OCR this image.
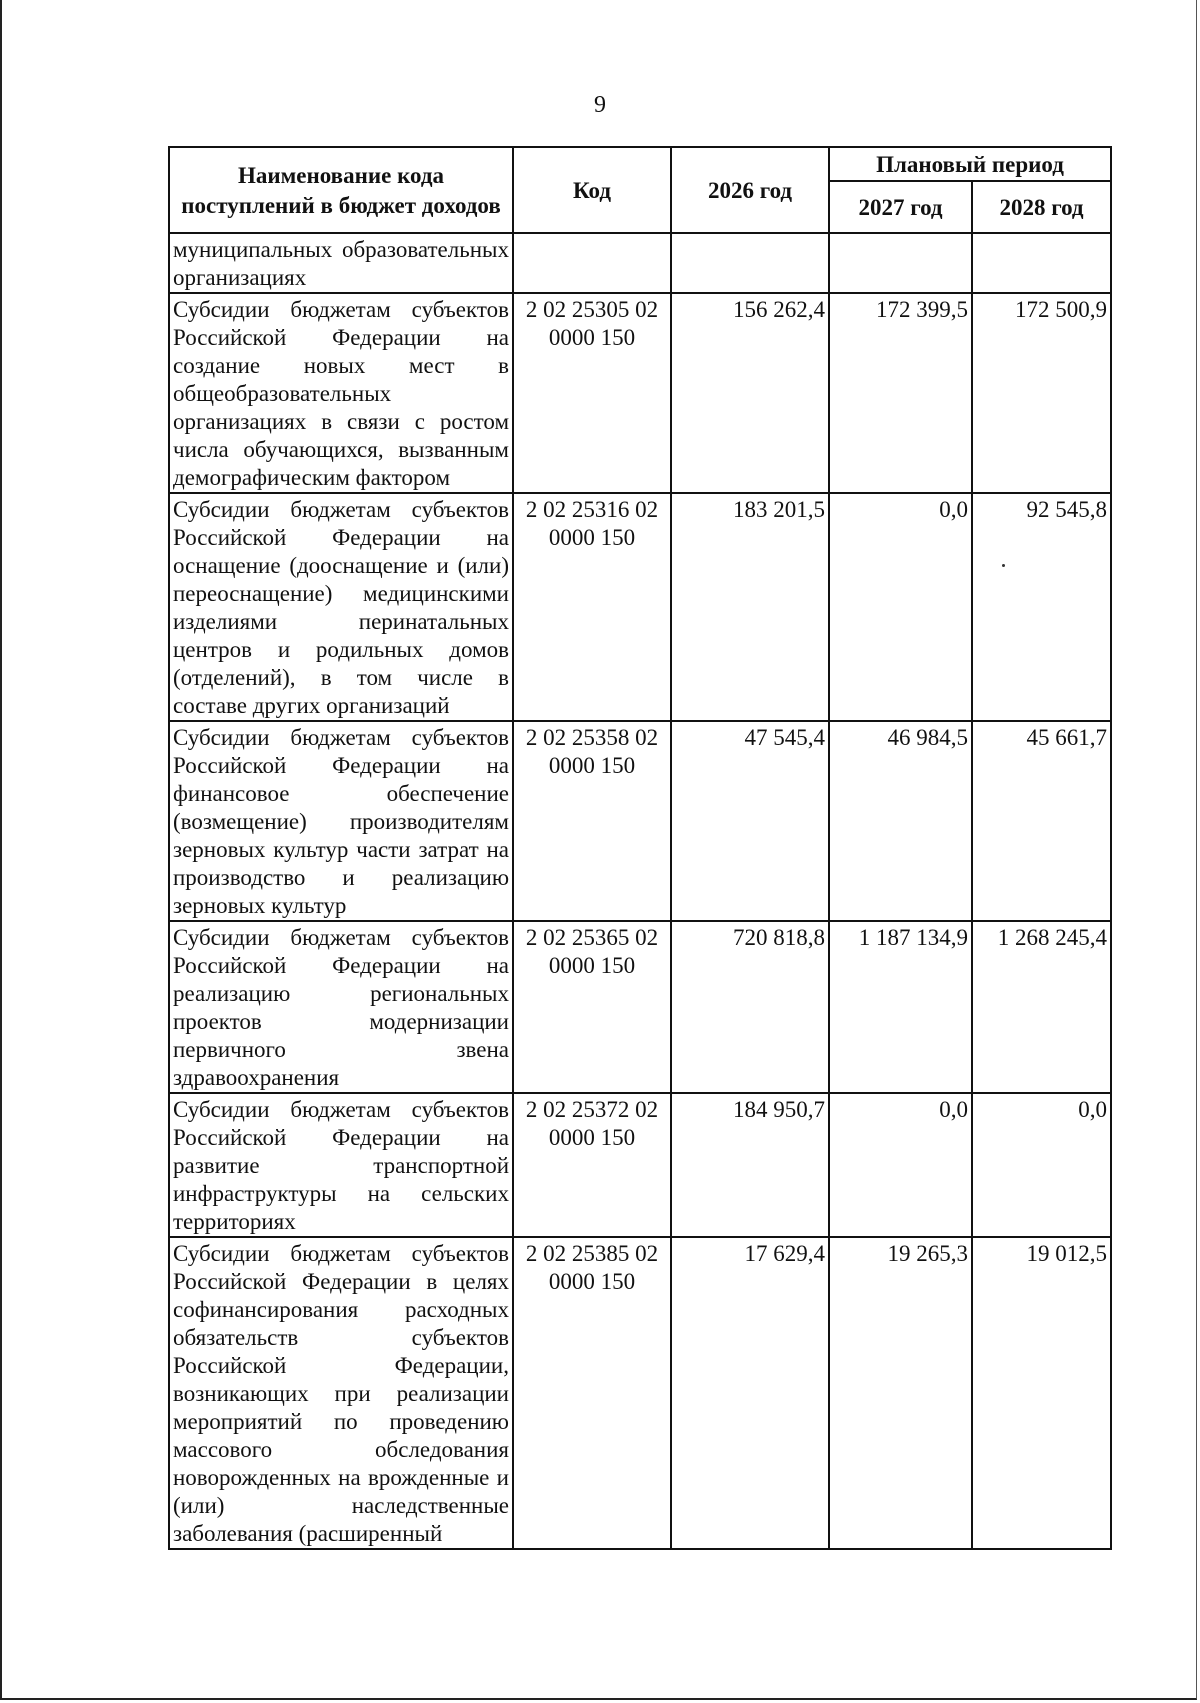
9
Наименование кода поступлений в бюджет доходов	Код	2026 год	Плановый период	
			2027 год	2028 год
муниципальных образовательных организациях				
Субсидии бюджетам субъектов Российской Федерации на создание новых мест в общеобразовательных организациях в связи с ростом числа обучающихся, вызванным демографическим фактором	2 02 25305 02 0000 150	156 262,4	172 399,5	172 500,9
Субсидии бюджетам субъектов Российской Федерации на оснащение (дооснащение и (или) переоснащение) медицинскими изделиями перинатальных центров и родильных домов (отделений), в том числе в составе других организаций	2 02 25316 02 0000 150	183 201,5	0,0	92 545,8
Субсидии бюджетам субъектов Российской Федерации на финансовое обеспечение (возмещение) производителям зерновых культур части затрат на производство и реализацию зерновых культур	2 02 25358 02 0000 150	47 545,4	46 984,5	45 661,7
Субсидии бюджетам субъектов Российской Федерации на реализацию региональных проектов модернизации первичного звена здравоохранения	2 02 25365 02 0000 150	720 818,8	1 187 134,9	1 268 245,4
Субсидии бюджетам субъектов Российской Федерации на развитие транспортной инфраструктуры на сельских территориях	2 02 25372 02 0000 150	184 950,7	0,0	0,0
Субсидии бюджетам субъектов Российской Федерации в целях софинансирования расходных обязательств субъектов Российской Федерации, возникающих при реализации мероприятий по проведению массового обследования новорожденных на врожденные и (или) наследственные заболевания (расширенный	2 02 25385 02 0000 150	17 629,4	19 265,3	19 012,5
